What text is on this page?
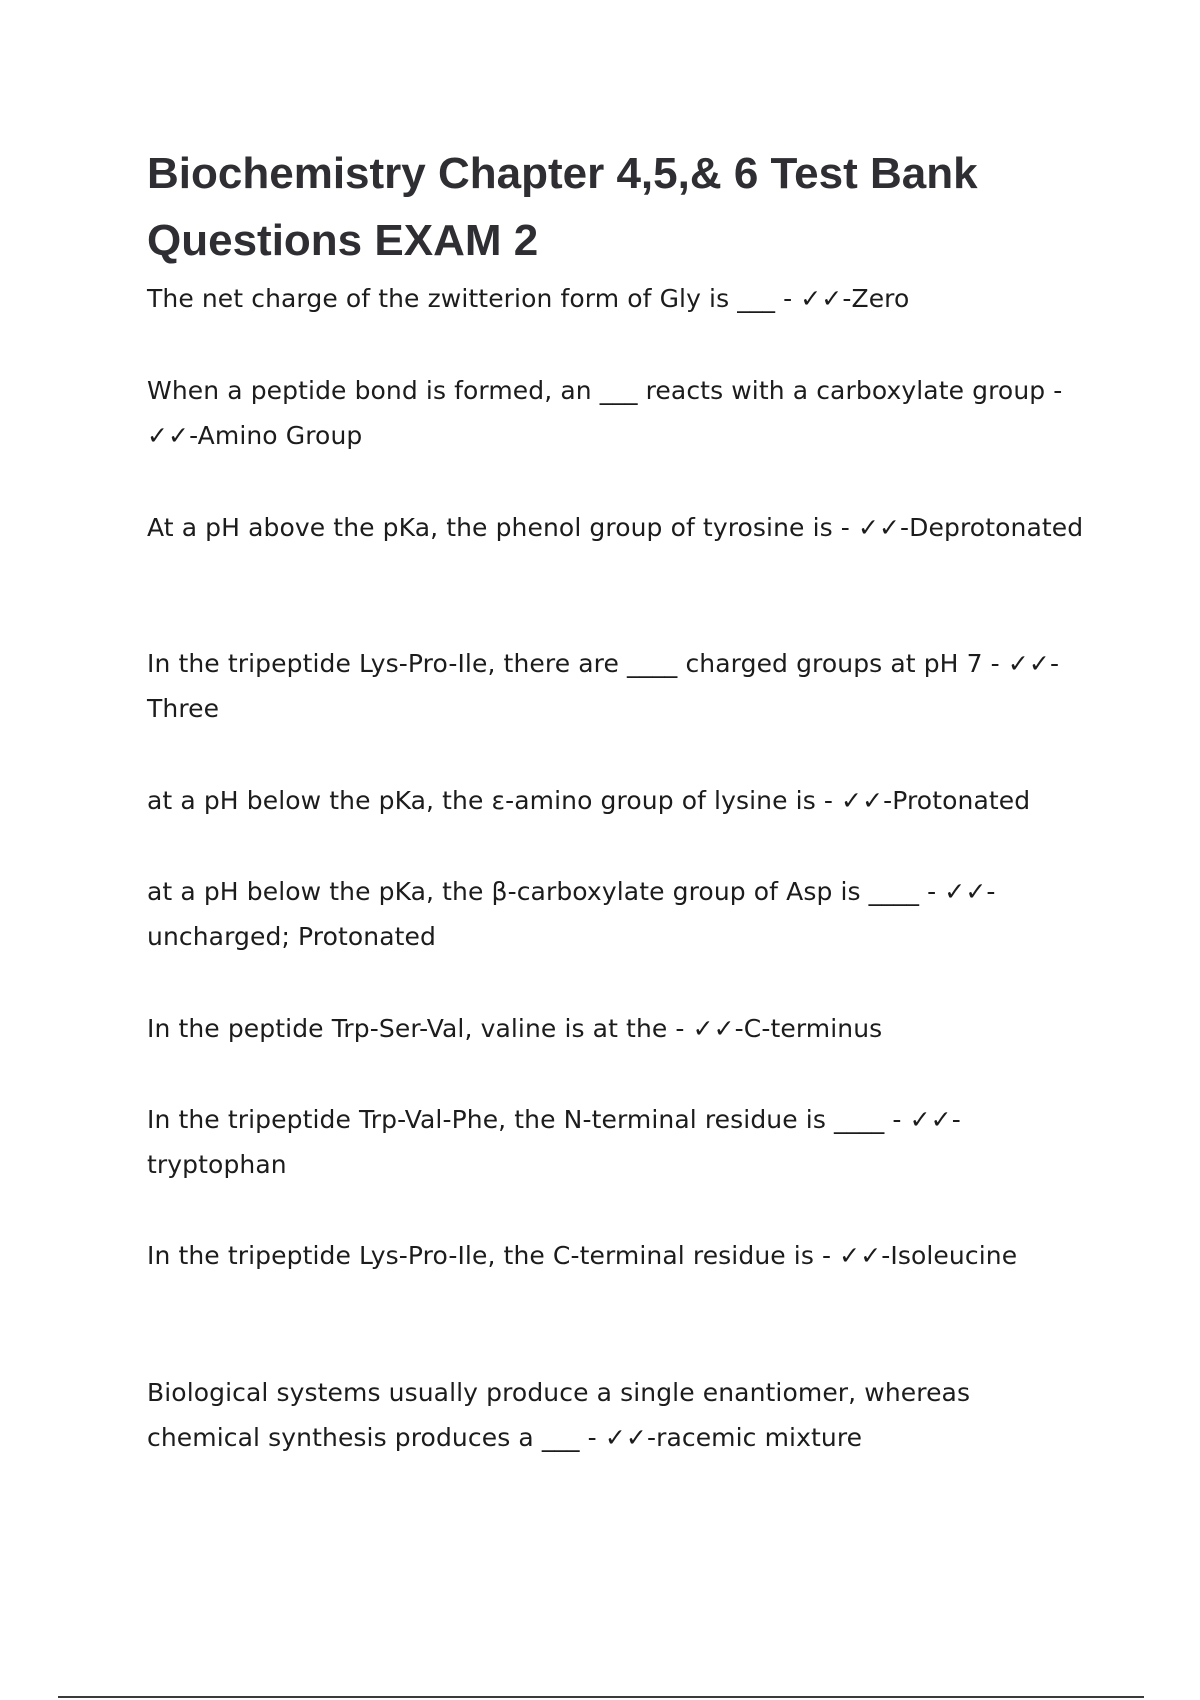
Biochemistry Chapter 4,5,& 6 Test Bank Questions EXAM 2

The net charge of the zwitterion form of Gly is ___ - ✓✓-Zero

When a peptide bond is formed, an ___ reacts with a carboxylate group - ✓✓-Amino Group

At a pH above the pKa, the phenol group of tyrosine is - ✓✓-Deprotonated

In the tripeptide Lys-Pro-Ile, there are ____ charged groups at pH 7 - ✓✓-Three

at a pH below the pKa, the ε-amino group of lysine is - ✓✓-Protonated

at a pH below the pKa, the β-carboxylate group of Asp is ____ - ✓✓-uncharged; Protonated

In the peptide Trp-Ser-Val, valine is at the - ✓✓-C-terminus

In the tripeptide Trp-Val-Phe, the N-terminal residue is ____ - ✓✓-tryptophan

In the tripeptide Lys-Pro-Ile, the C-terminal residue is - ✓✓-Isoleucine

Biological systems usually produce a single enantiomer, whereas chemical synthesis produces a ___ - ✓✓-racemic mixture
